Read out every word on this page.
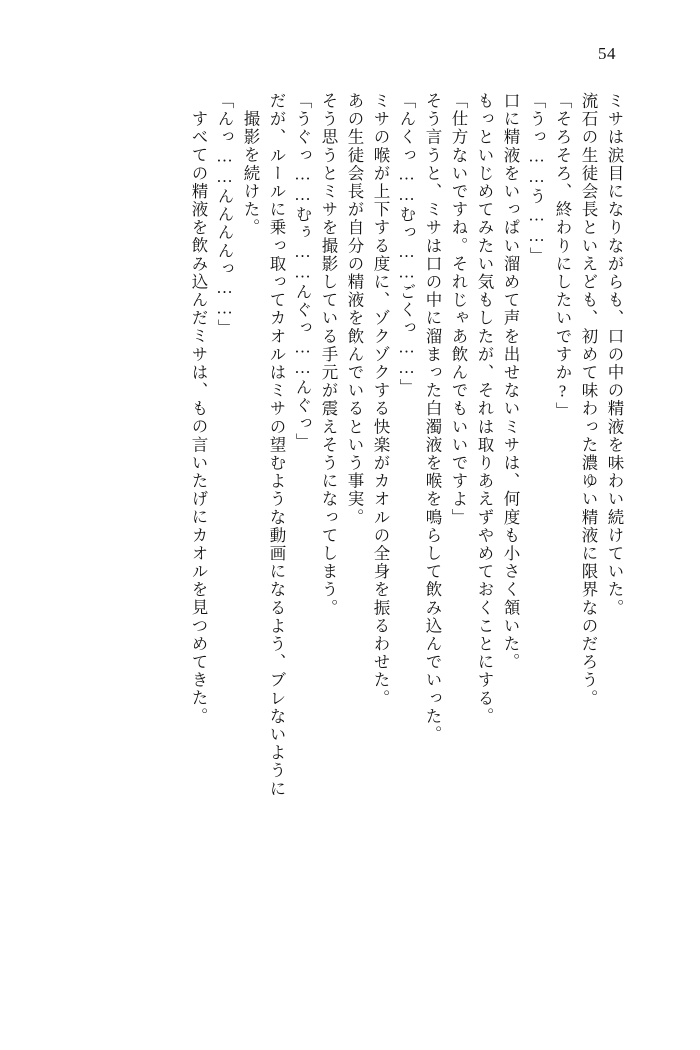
54
ミサは涙目になりながらも、口の中の精液を味わい続けていた。
流石の生徒会長といえども、初めて味わった濃ゆい精液に限界なのだろう。
「そろそろ、終わりにしたいですか?」
「うっ……う……」
口に精液をいっぱい溜めて声を出せないミサは、何度も小さく頷いた。
もっといじめてみたい気もしたが、それは取りあえずやめておくことにする。
「仕方ないですね。それじゃあ飲んでもいいですよ」
そう言うと、ミサは口の中に溜まった白濁液を喉を鳴らして飲み込んでいった。
「んくっ……むっ……ごくっ……」
ミサの喉が上下する度に、ゾクゾクする快楽がカオルの全身を振るわせた。
あの生徒会長が自分の精液を飲んでいるという事実。
そう思うとミサを撮影している手元が震えそうになってしまう。
「うぐっ……むぅ……んぐっ……んぐっ」
だが、ルールに乗っ取ってカオルはミサの望むような動画になるよう、ブレないように
撮影を続けた。
「んっ……んんんんっ……」
すべての精液を飲み込んだミサは、もの言いたげにカオルを見つめてきた。
